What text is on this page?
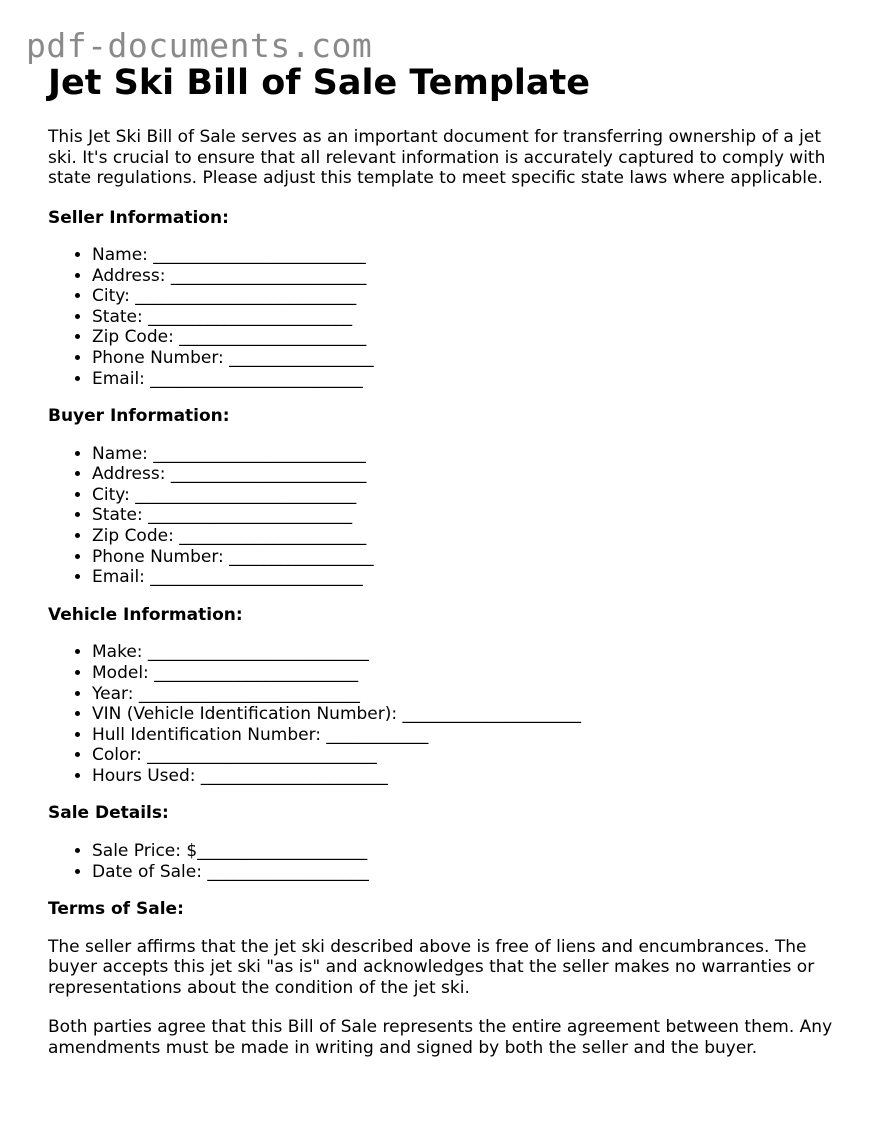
pdf-documents.com
Jet Ski Bill of Sale Template

This Jet Ski Bill of Sale serves as an important document for transferring ownership of a jet ski. It's crucial to ensure that all relevant information is accurately captured to comply with state regulations. Please adjust this template to meet specific state laws where applicable.

Seller Information:
• Name: _________________________
• Address: _______________________
• City: __________________________
• State: ________________________
• Zip Code: ______________________
• Phone Number: _________________
• Email: _________________________
Buyer Information:
• Name: _________________________
• Address: _______________________
• City: __________________________
• State: ________________________
• Zip Code: ______________________
• Phone Number: _________________
• Email: _________________________
Vehicle Information:
• Make: __________________________
• Model: ________________________
• Year: __________________________
• VIN (Vehicle Identification Number): _____________________
• Hull Identification Number: ____________
• Color: ___________________________
• Hours Used: ______________________
Sale Details:
• Sale Price: $____________________
• Date of Sale: ___________________
Terms of Sale:

The seller affirms that the jet ski described above is free of liens and encumbrances. The buyer accepts this jet ski "as is" and acknowledges that the seller makes no warranties or representations about the condition of the jet ski.

Both parties agree that this Bill of Sale represents the entire agreement between them. Any amendments must be made in writing and signed by both the seller and the buyer.
